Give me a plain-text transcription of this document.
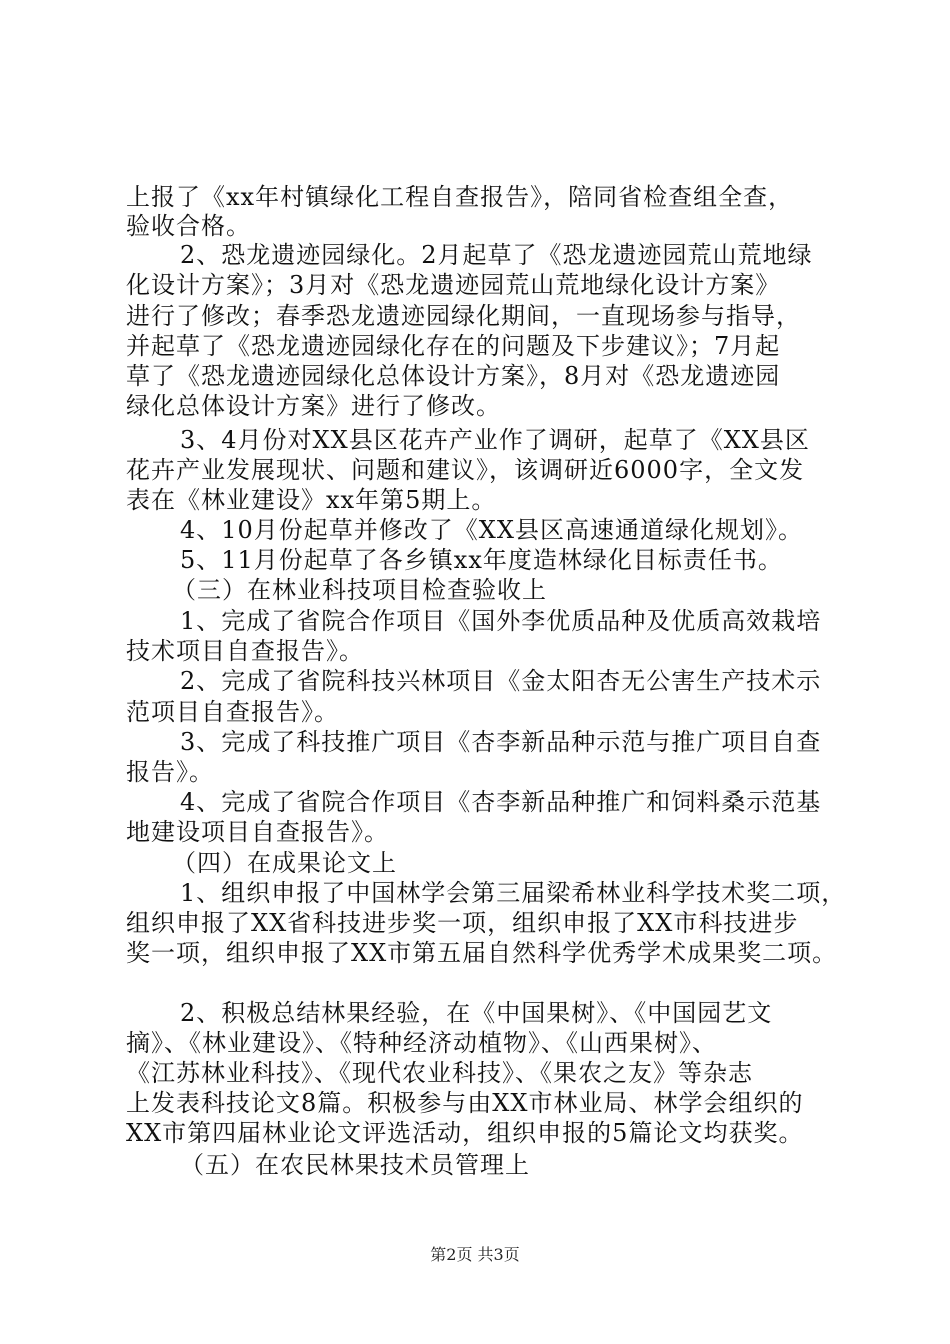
上报了《xx年村镇绿化工程自查报告》，陪同省检查组全查，
验收合格。
2、恐龙遗迹园绿化。2月起草了《恐龙遗迹园荒山荒地绿
化设计方案》；3月对《恐龙遗迹园荒山荒地绿化设计方案》
进行了修改；春季恐龙遗迹园绿化期间，一直现场参与指导，
并起草了《恐龙遗迹园绿化存在的问题及下步建议》；7月起
草了《恐龙遗迹园绿化总体设计方案》，8月对《恐龙遗迹园
绿化总体设计方案》进行了修改。
3、4月份对XX县区花卉产业作了调研，起草了《XX县区
花卉产业发展现状、问题和建议》，该调研近6000字，全文发
表在《林业建设》xx年第5期上。
4、10月份起草并修改了《XX县区高速通道绿化规划》。
5、11月份起草了各乡镇xx年度造林绿化目标责任书。
（三）在林业科技项目检查验收上
1、完成了省院合作项目《国外李优质品种及优质高效栽培
技术项目自查报告》。
2、完成了省院科技兴林项目《金太阳杏无公害生产技术示
范项目自查报告》。
3、完成了科技推广项目《杏李新品种示范与推广项目自查
报告》。
4、完成了省院合作项目《杏李新品种推广和饲料桑示范基
地建设项目自查报告》。
（四）在成果论文上
1、组织申报了中国林学会第三届梁希林业科学技术奖二项，
组织申报了XX省科技进步奖一项，组织申报了XX市科技进步
奖一项，组织申报了XX市第五届自然科学优秀学术成果奖二项。
2、积极总结林果经验，在《中国果树》、《中国园艺文
摘》、《林业建设》、《特种经济动植物》、《山西果树》、
《江苏林业科技》、《现代农业科技》、《果农之友》等杂志
上发表科技论文8篇。积极参与由XX市林业局、林学会组织的
XX市第四届林业论文评选活动，组织申报的5篇论文均获奖。
（五）在农民林果技术员管理上
第2页 共3页
